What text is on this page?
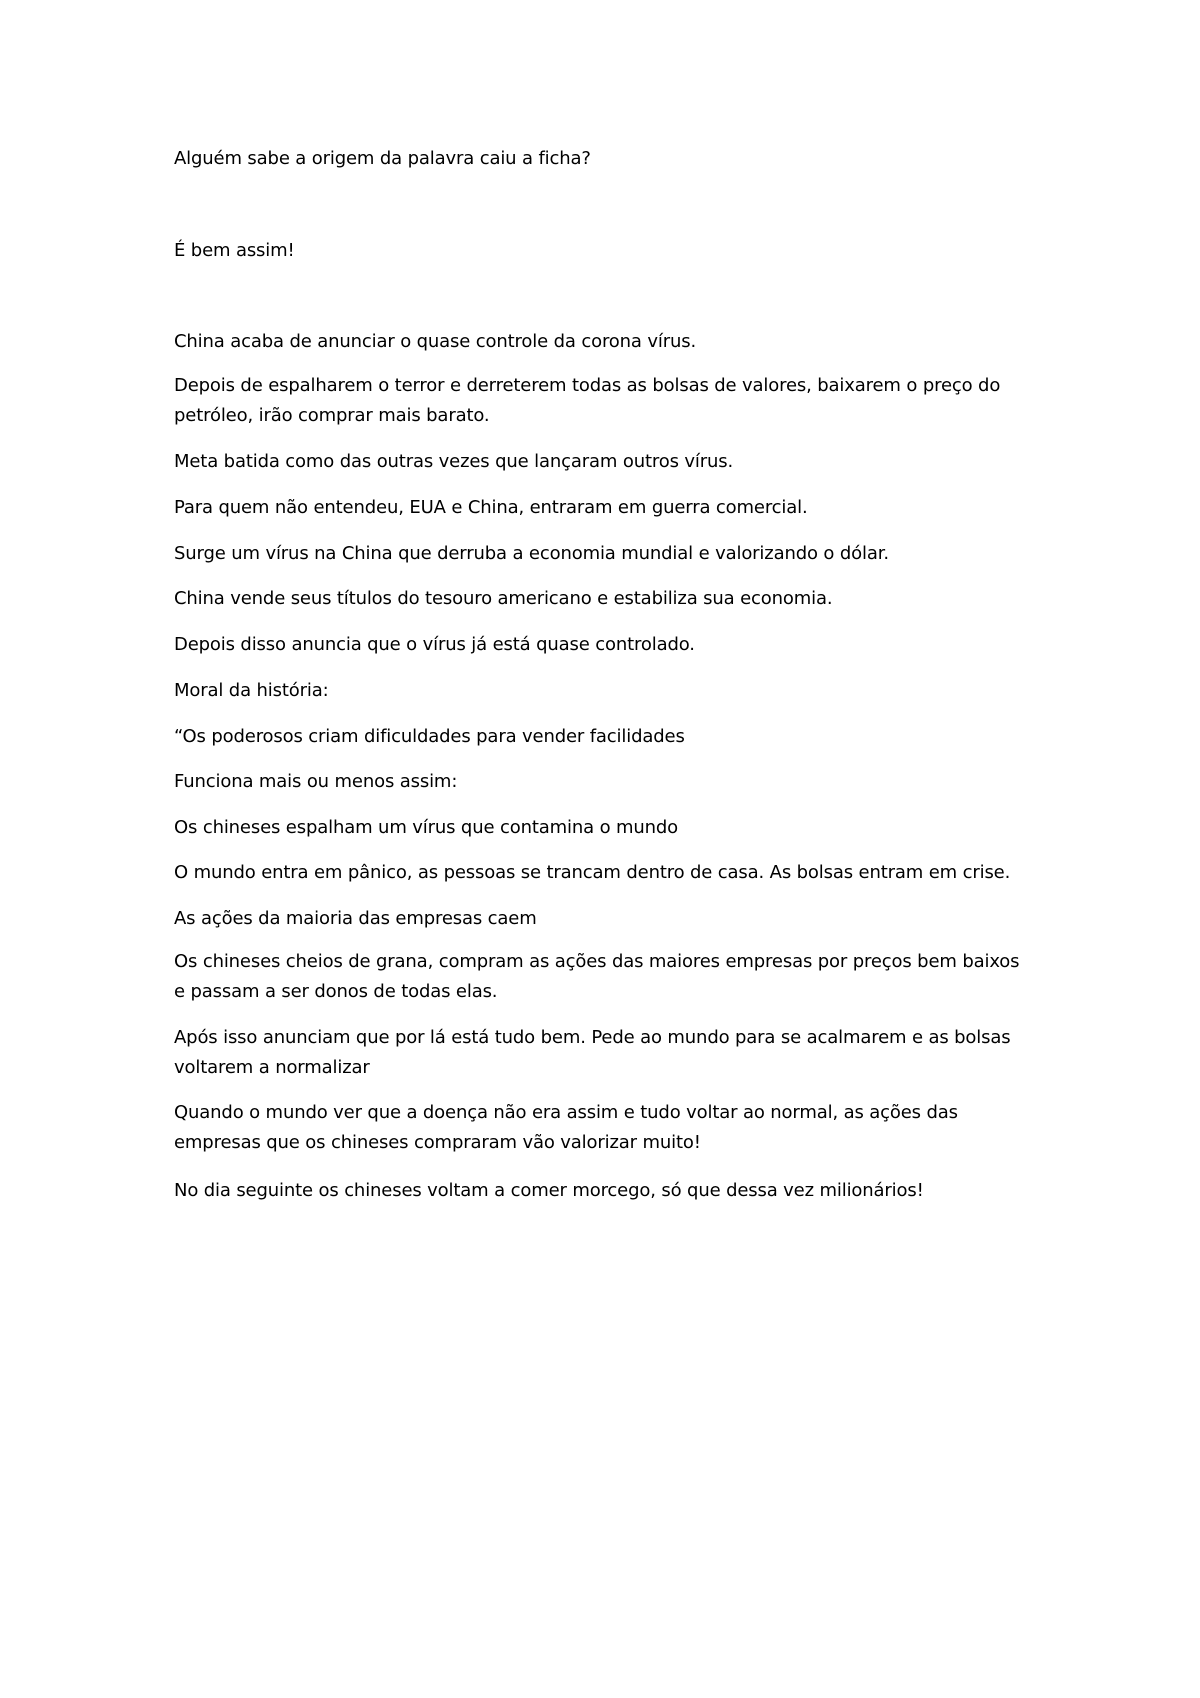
Alguém sabe a origem da palavra caiu a ficha?

É bem assim!

China acaba de anunciar o quase controle da corona vírus.

Depois de espalharem o terror e derreterem todas as bolsas de valores, baixarem o preço do petróleo, irão comprar mais barato.

Meta batida como das outras vezes que lançaram outros vírus.

Para quem não entendeu, EUA e China, entraram em guerra comercial.

Surge um vírus na China que derruba a economia mundial e valorizando o dólar.

China vende seus títulos do tesouro americano e estabiliza sua economia.

Depois disso anuncia que o vírus já está quase controlado.

Moral da história:

“Os poderosos criam dificuldades para vender facilidades

Funciona mais ou menos assim:

Os chineses espalham um vírus que contamina o mundo

O mundo entra em pânico, as pessoas se trancam dentro de casa. As bolsas entram em crise.

As ações da maioria das empresas caem

Os chineses cheios de grana, compram as ações das maiores empresas por preços bem baixos e passam a ser donos de todas elas.

Após isso anunciam que por lá está tudo bem. Pede ao mundo para se acalmarem e as bolsas voltarem a normalizar

Quando o mundo ver que a doença não era assim e tudo voltar ao normal, as ações das empresas que os chineses compraram vão valorizar muito!

No dia seguinte os chineses voltam a comer morcego, só que dessa vez milionários!
